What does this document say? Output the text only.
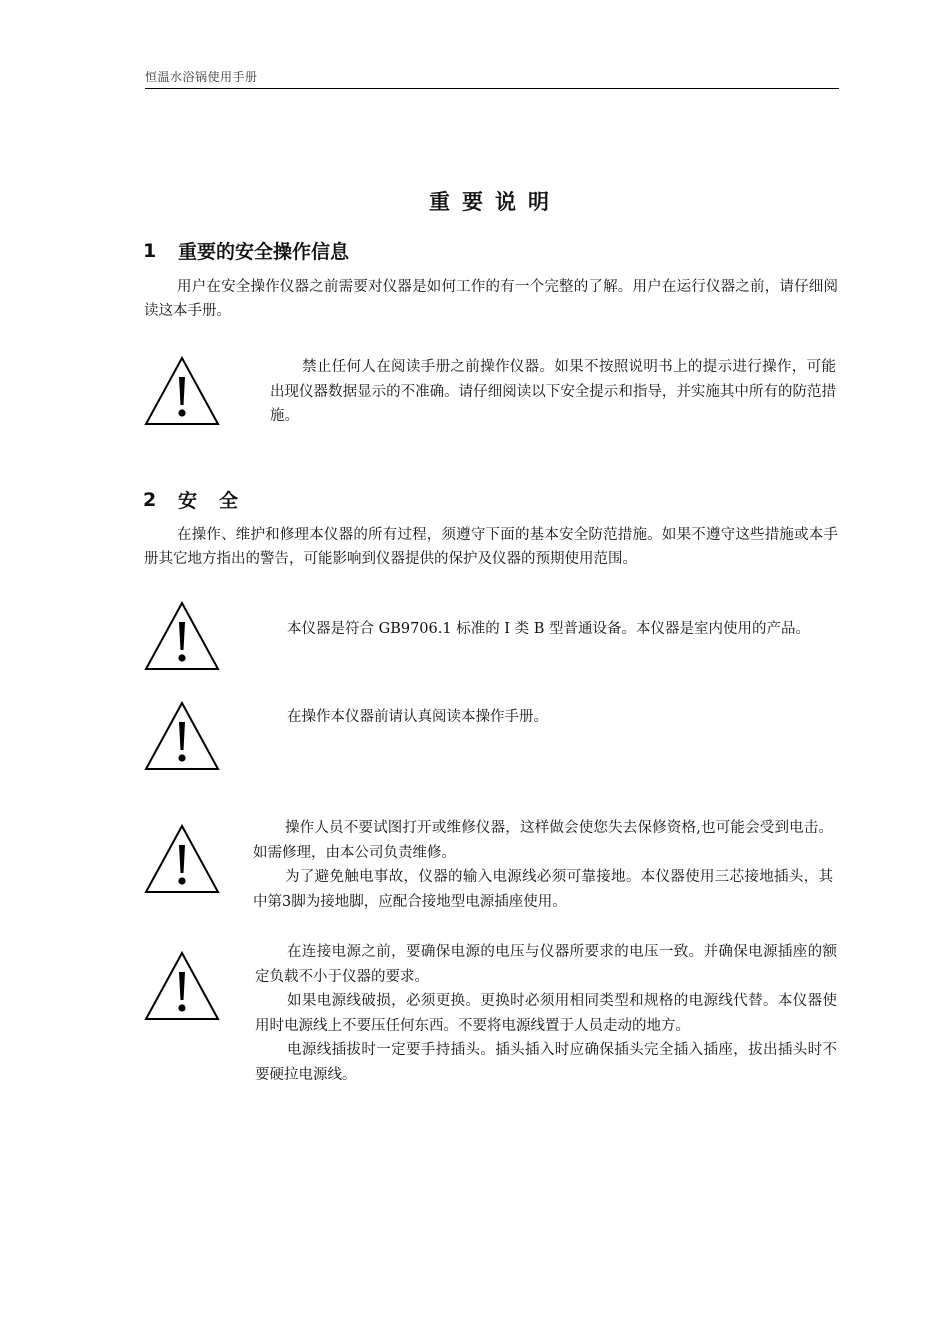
恒温水浴锅使用手册
重要说明
1	重要的安全操作信息

用户在安全操作仪器之前需要对仪器是如何工作的有一个完整的了解。用户在运行仪器之前，请仔细阅读这本手册。

禁止任何人在阅读手册之前操作仪器。如果不按照说明书上的提示进行操作，可能出现仪器数据显示的不准确。请仔细阅读以下安全提示和指导，并实施其中所有的防范措施。

2	安全

在操作、维护和修理本仪器的所有过程，须遵守下面的基本安全防范措施。如果不遵守这些措施或本手册其它地方指出的警告，可能影响到仪器提供的保护及仪器的预期使用范围。

本仪器是符合 GB9706.1 标准的 I 类 B 型普通设备。本仪器是室内使用的产品。

在操作本仪器前请认真阅读本操作手册。

操作人员不要试图打开或维修仪器，这样做会使您失去保修资格,也可能会受到电击。如需修理，由本公司负责维修。

为了避免触电事故，仪器的输入电源线必须可靠接地。本仪器使用三芯接地插头，其中第3脚为接地脚，应配合接地型电源插座使用。

在连接电源之前，要确保电源的电压与仪器所要求的电压一致。并确保电源插座的额定负载不小于仪器的要求。

如果电源线破损，必须更换。更换时必须用相同类型和规格的电源线代替。本仪器使用时电源线上不要压任何东西。不要将电源线置于人员走动的地方。

电源线插拔时一定要手持插头。插头插入时应确保插头完全插入插座，拔出插头时不要硬拉电源线。
